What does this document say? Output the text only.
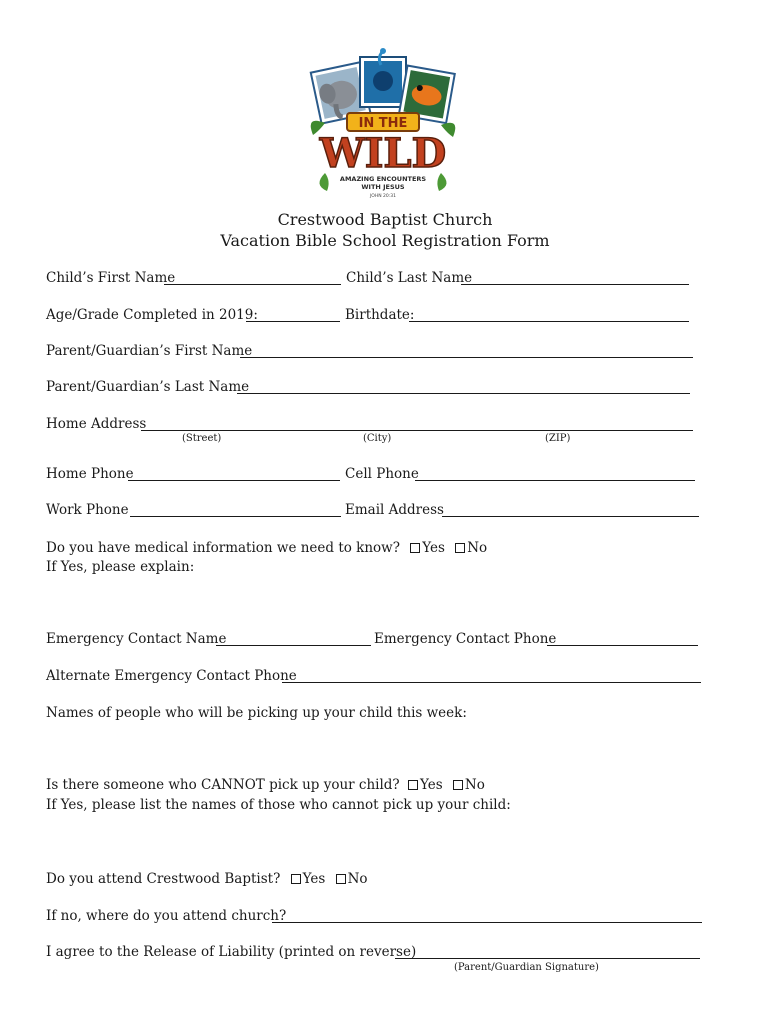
IN THE
WILD
AMAZING ENCOUNTERS
WITH JESUS
JOHN 20:31
Crestwood Baptist Church
Vacation Bible School Registration Form
Child’s First Name	Child’s Last Name
Age/Grade Completed in 2019:	Birthdate:
Parent/Guardian’s First Name
Parent/Guardian’s Last Name
Home Address
(Street)	(City)	(ZIP)
Home Phone	Cell Phone
Work Phone	Email Address
Do you have medical information we need to know? Yes No
If Yes, please explain:
Emergency Contact Name	Emergency Contact Phone
Alternate Emergency Contact Phone
Names of people who will be picking up your child this week:
Is there someone who CANNOT pick up your child? Yes No
If Yes, please list the names of those who cannot pick up your child:
Do you attend Crestwood Baptist? Yes No
If no, where do you attend church?
I agree to the Release of Liability (printed on reverse)
(Parent/Guardian Signature)
